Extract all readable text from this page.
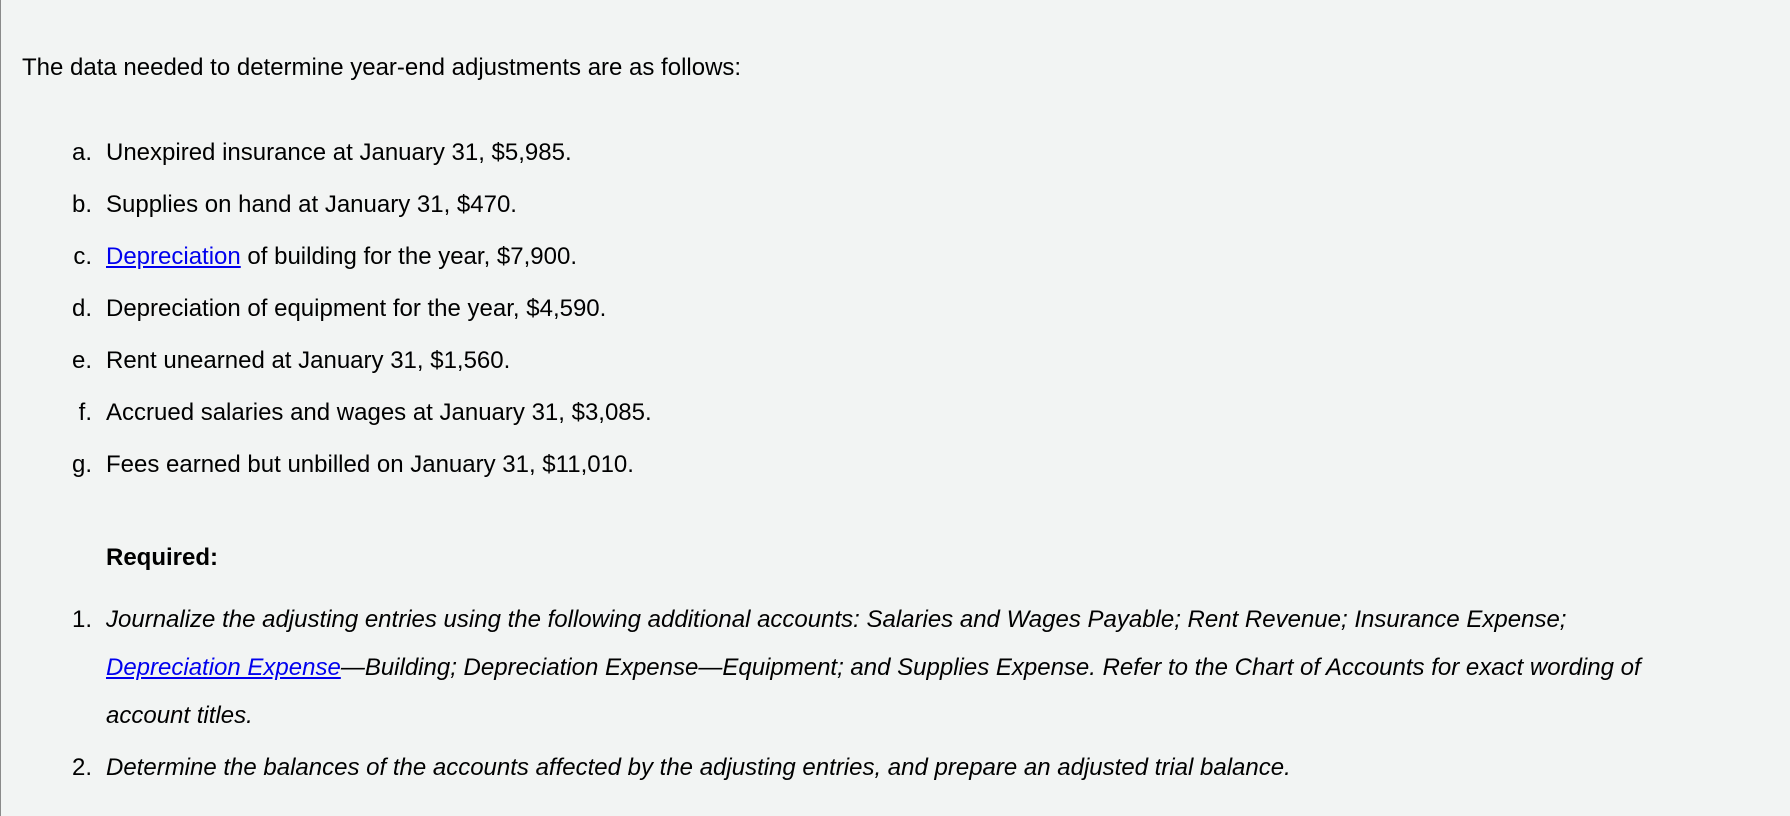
The data needed to determine year-end adjustments are as follows:
a. Unexpired insurance at January 31, $5,985.
b. Supplies on hand at January 31, $470.
c. Depreciation of building for the year, $7,900.
d. Depreciation of equipment for the year, $4,590.
e. Rent unearned at January 31, $1,560.
f. Accrued salaries and wages at January 31, $3,085.
g. Fees earned but unbilled on January 31, $11,010.
Required:
1. Journalize the adjusting entries using the following additional accounts: Salaries and Wages Payable; Rent Revenue; Insurance Expense; Depreciation Expense—Building; Depreciation Expense—Equipment; and Supplies Expense. Refer to the Chart of Accounts for exact wording of account titles.
2. Determine the balances of the accounts affected by the adjusting entries, and prepare an adjusted trial balance.
